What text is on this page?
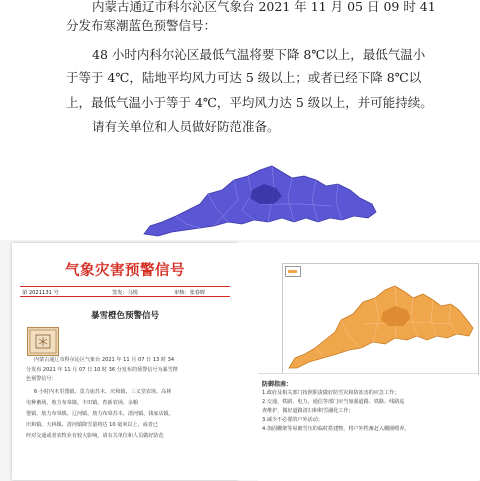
内蒙古通辽市科尔沁区气象台 2021 年 11 月 05 日 09 时 41
分发布寒潮蓝色预警信号：
48 小时内科尔沁区最低气温将要下降 8℃以上，最低气温小
于等于 4℃，陆地平均风力可达 5 级以上；或者已经下降 8℃以
上，最低气温小于等于 4℃，平均风力达 5 级以上，并可能持续。
请有关单位和人员做好防范准备。
气象灾害预警信号
第 2021131 号	签发：马悦	审核：张春晖
暴雪橙色预警信号
内蒙古通辽市科尔沁区气象台 2021 年 11 月 07 日 13 时 34
分发布 2021 年 11 月 07 日 10 时 36 分发布的预警信号为暴雪橙
色预警信号：
6 小时内木里图镇、莫力庙苏木、庆和镇、三义堂农场、高林
屯种畜场、敖力布皋镇、丰田镇、育新农场、余粮
堡镇、敖力布皋镇、辽河镇、敖力布皋苏木、清河镇、钱家店镇、
庆和镇、大林镇、清河镇降雪量将达 10 毫米以上，或者已
经对交通或者农牧业有较大影响，请有关单位和人员做好防范
防御指南：
1.政府及相关部门按照职责做好防雪灾和防冻害的应急工作；
2.交通、铁路、电力、通信等部门应当加强道路、铁路、线路巡
查维护，做好道路清扫和积雪融化工作；
3.减少不必要的户外活动；
4.加固棚架等易被雪压的临时搭建物，将户外牲畜赶入棚圈喂养。
